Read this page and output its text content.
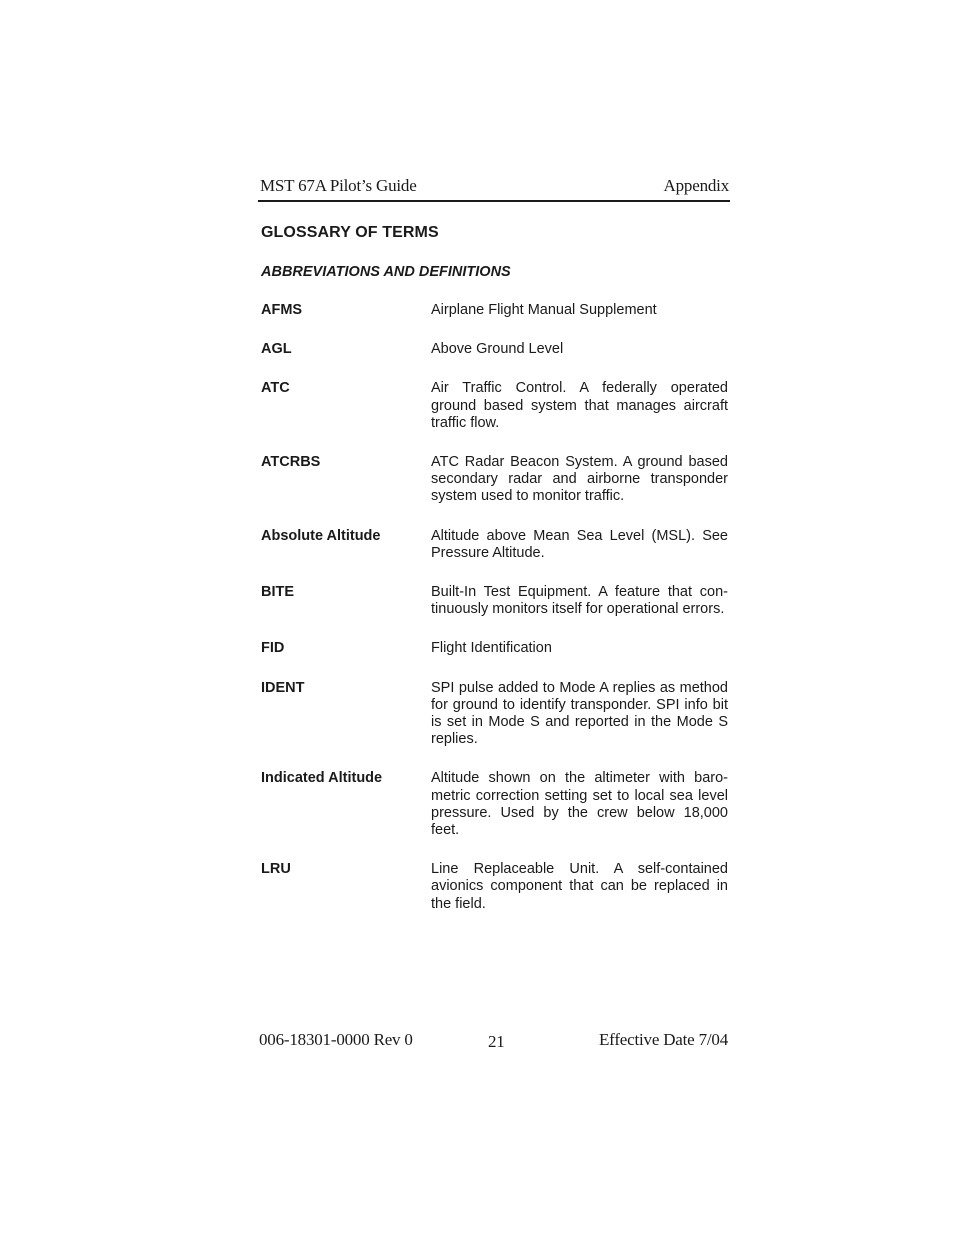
MST 67A Pilot’s Guide	Appendix
GLOSSARY OF TERMS
ABBREVIATIONS AND DEFINITIONS
AFMS	Airplane Flight Manual Supplement
AGL	Above Ground Level
ATC	Air Traffic Control. A federally operated ground based system that manages aircraft traffic flow.
ATCRBS	ATC Radar Beacon System. A ground based secondary radar and airborne transponder system used to monitor traffic.
Absolute Altitude	Altitude above Mean Sea Level (MSL). See Pressure Altitude.
BITE	Built-In Test Equipment. A feature that con-tinuously monitors itself for operational errors.
FID	Flight Identification
IDENT	SPI pulse added to Mode A replies as method for ground to identify transponder. SPI info bit is set in Mode S and reported in the Mode S replies.
Indicated Altitude	Altitude shown on the altimeter with baro-metric correction setting set to local sea level pressure. Used by the crew below 18,000 feet.
LRU	Line Replaceable Unit. A self-contained avionics component that can be replaced in the field.
006-18301-0000 Rev 0	21	Effective Date 7/04
